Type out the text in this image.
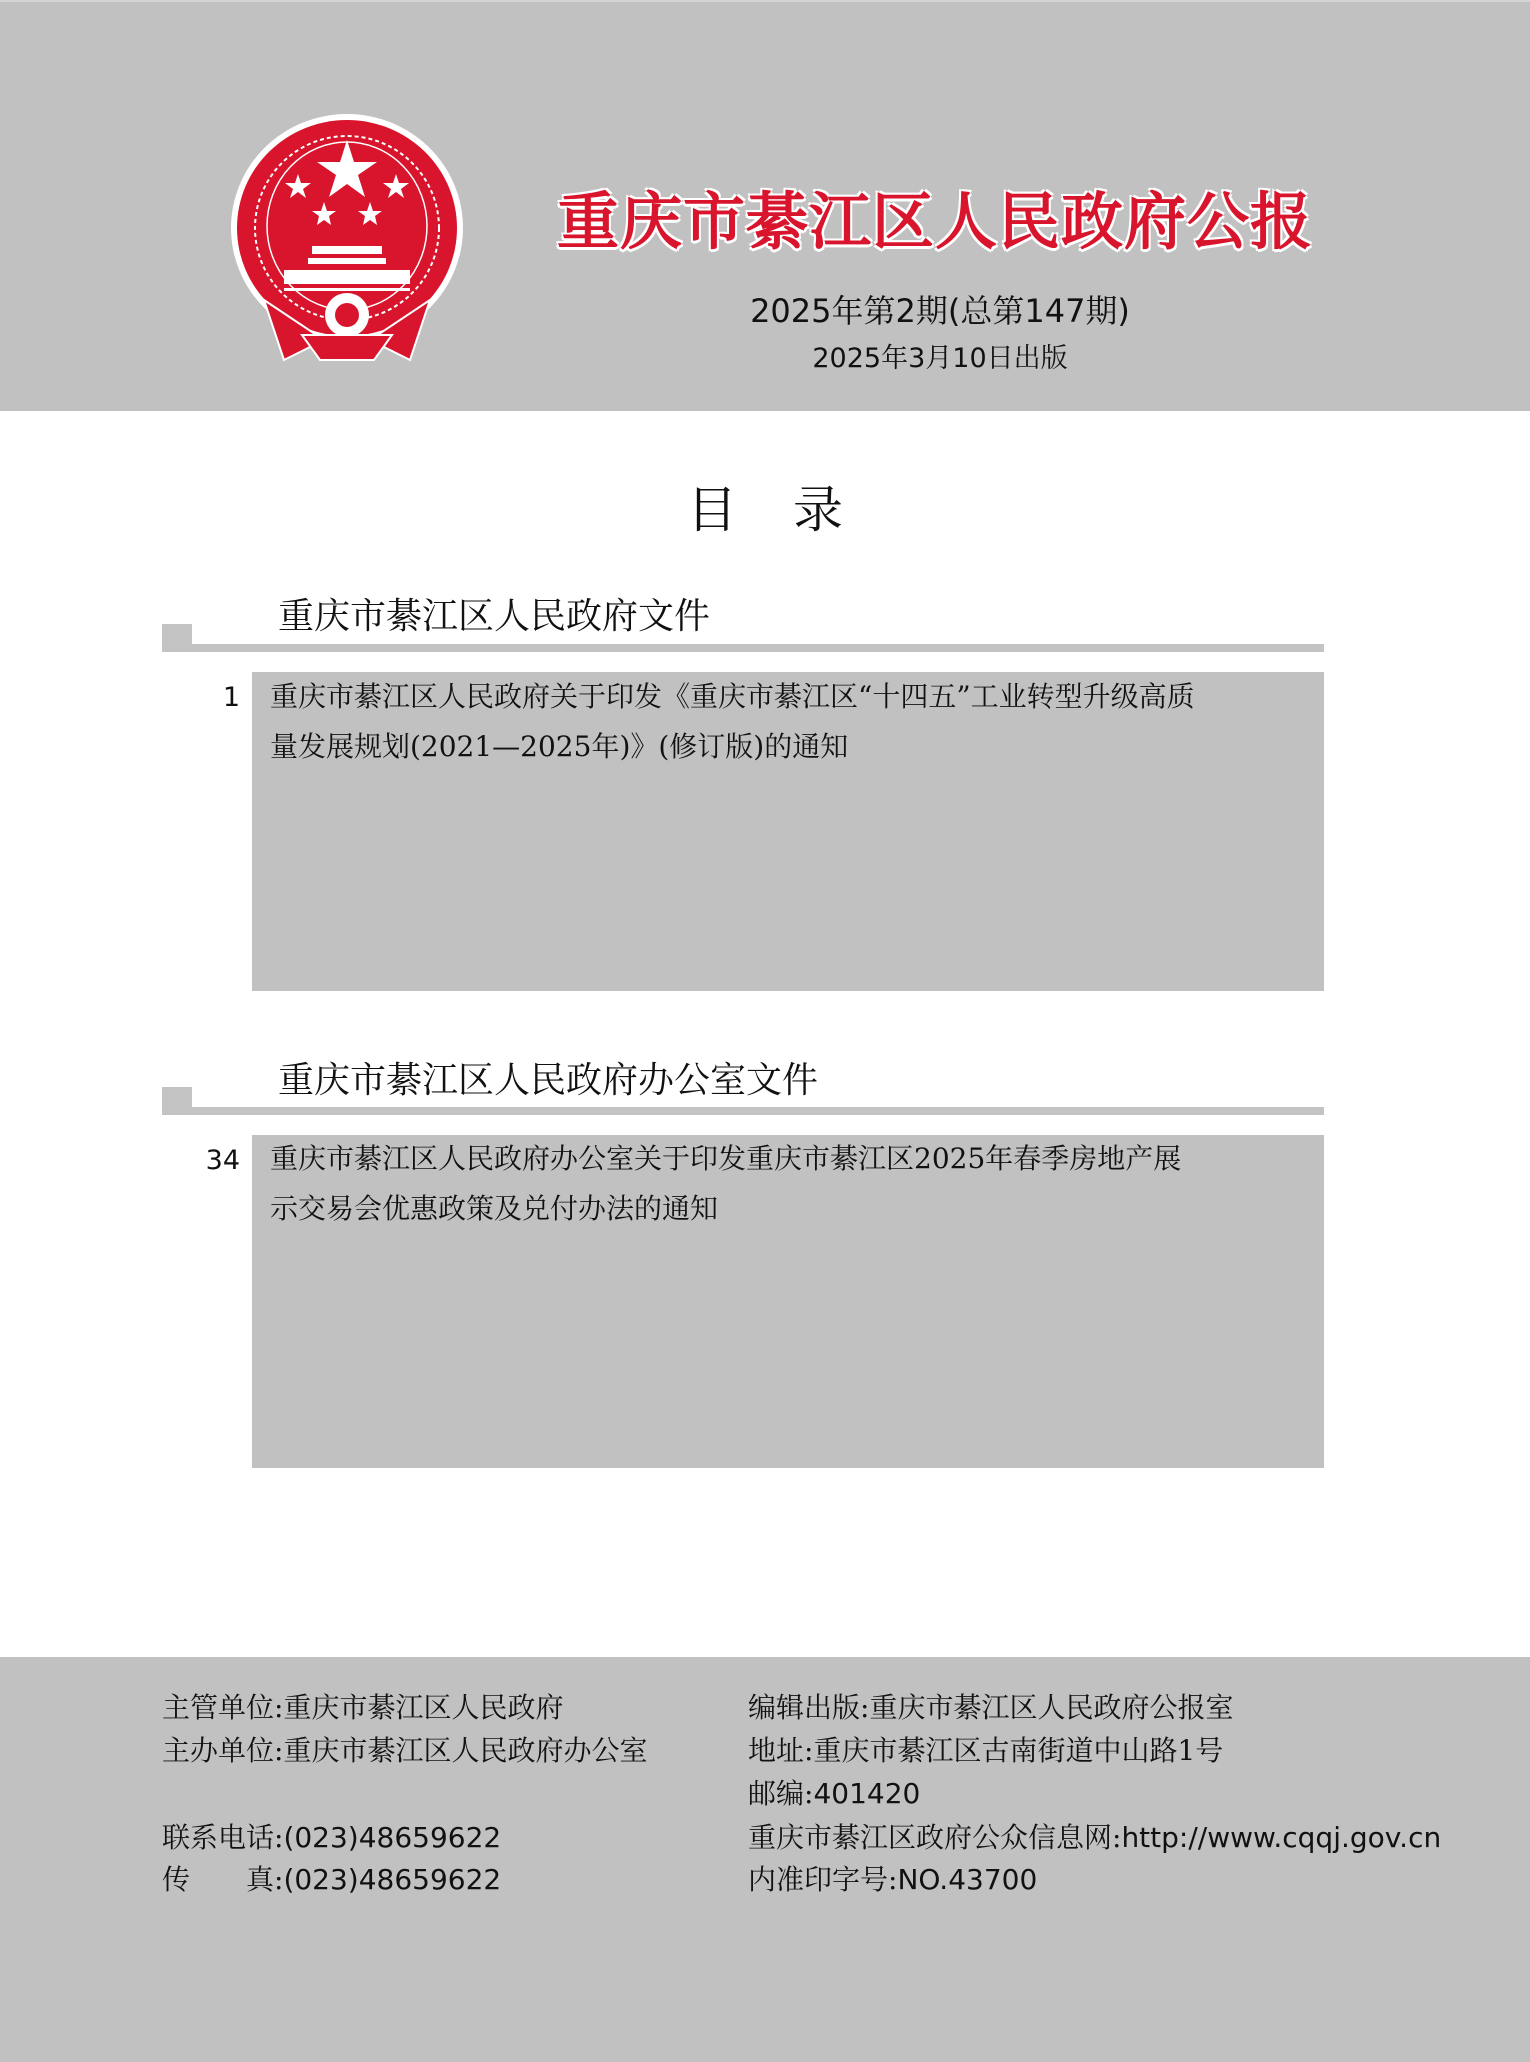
重庆市綦江区人民政府公报
2025年第2期(总第147期)
2025年3月10日出版
目 录
重庆市綦江区人民政府文件
1 重庆市綦江区人民政府关于印发《重庆市綦江区“十四五”工业转型升级高质
量发展规划(2021—2025年)》(修订版)的通知
重庆市綦江区人民政府办公室文件
34 重庆市綦江区人民政府办公室关于印发重庆市綦江区2025年春季房地产展
示交易会优惠政策及兑付办法的通知
主管单位:重庆市綦江区人民政府
主办单位:重庆市綦江区人民政府办公室
联系电话:(023)48659622
传　　真:(023)48659622
编辑出版:重庆市綦江区人民政府公报室
地址:重庆市綦江区古南街道中山路1号
邮编:401420
重庆市綦江区政府公众信息网:http://www.cqqj.gov.cn
内准印字号:NO.43700
